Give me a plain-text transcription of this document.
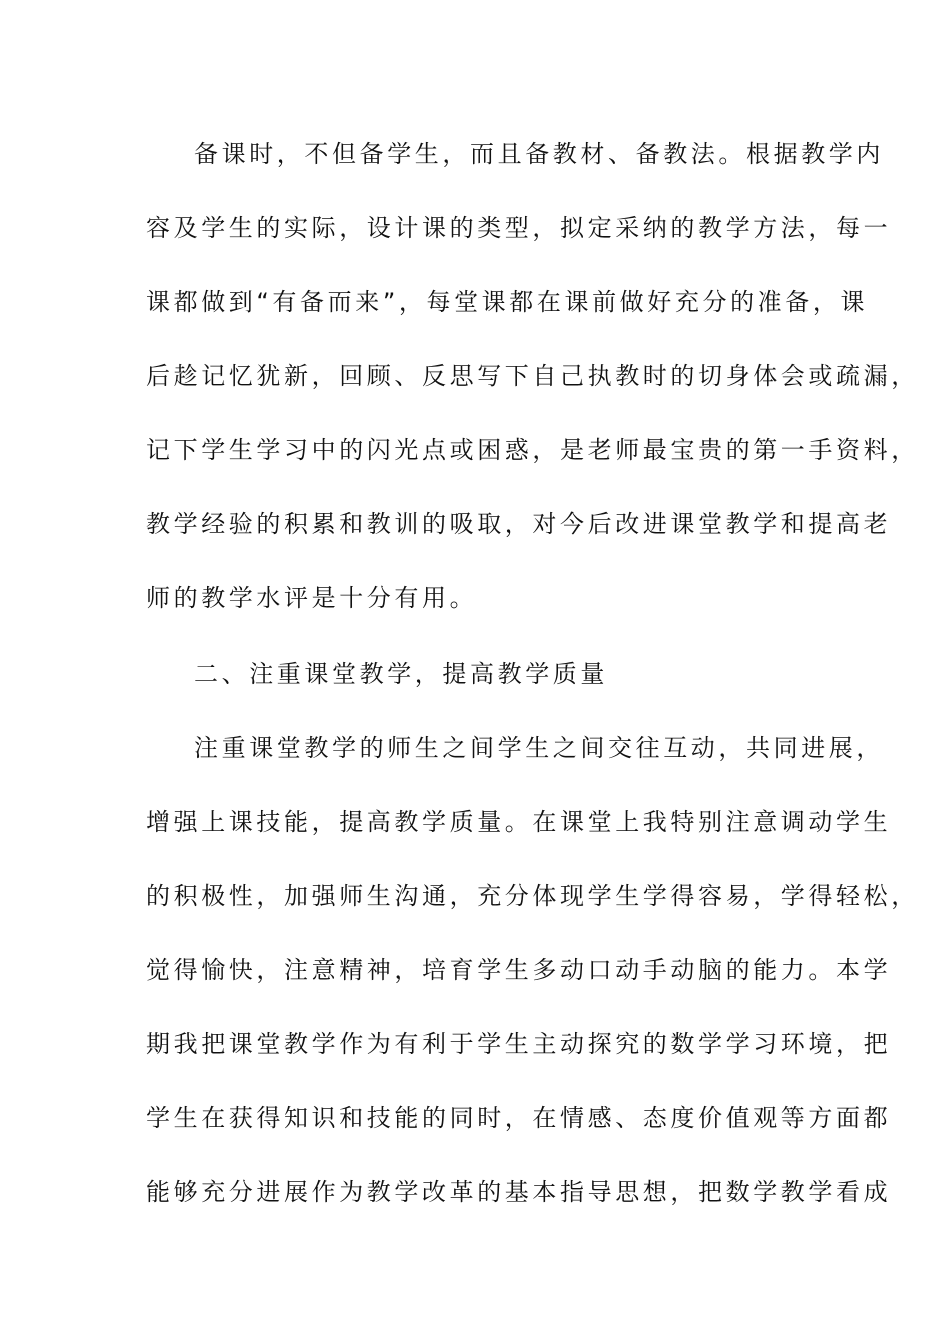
备课时，不但备学生，而且备教材、备教法。根据教学内
容及学生的实际，设计课的类型，拟定采纳的教学方法，每一
课都做到“有备而来”，每堂课都在课前做好充分的准备，课
后趁记忆犹新，回顾、反思写下自己执教时的切身体会或疏漏，
记下学生学习中的闪光点或困惑，是老师最宝贵的第一手资料，
教学经验的积累和教训的吸取，对今后改进课堂教学和提高老
师的教学水评是十分有用。
二、注重课堂教学，提高教学质量
注重课堂教学的师生之间学生之间交往互动，共同进展，
增强上课技能，提高教学质量。在课堂上我特别注意调动学生
的积极性，加强师生沟通，充分体现学生学得容易，学得轻松，
觉得愉快，注意精神，培育学生多动口动手动脑的能力。本学
期我把课堂教学作为有利于学生主动探究的数学学习环境，把
学生在获得知识和技能的同时，在情感、态度价值观等方面都
能够充分进展作为教学改革的基本指导思想，把数学教学看成
